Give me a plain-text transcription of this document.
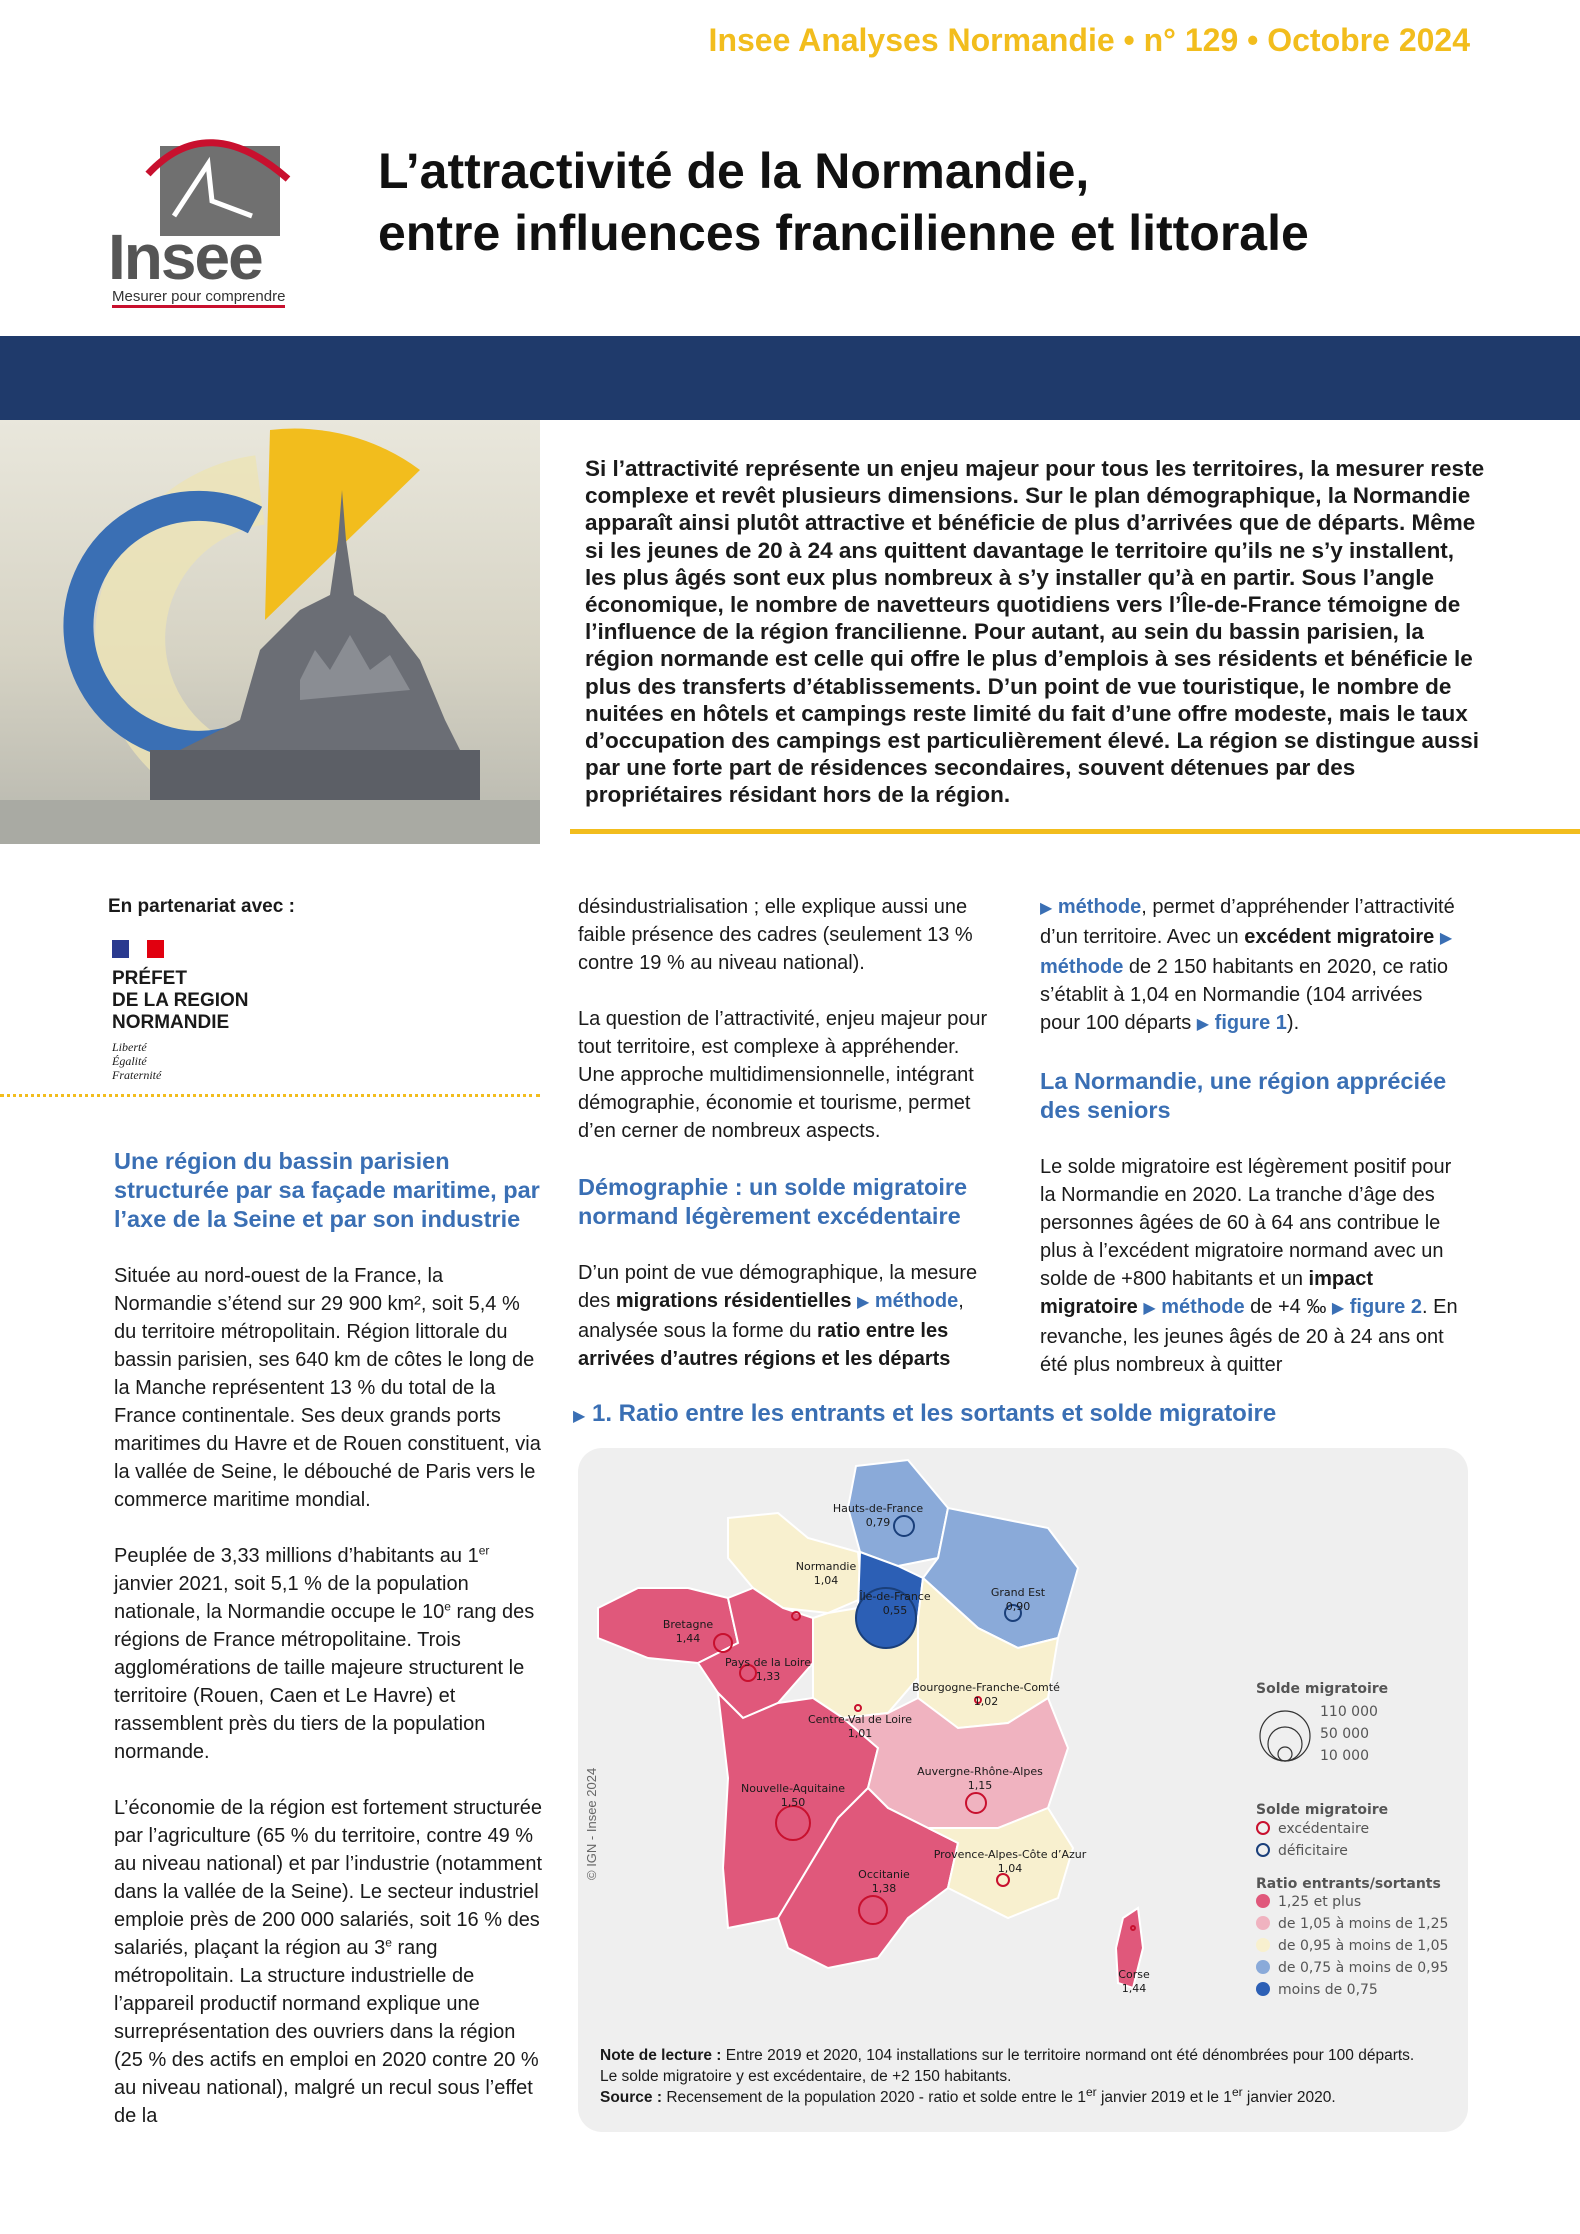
Insee
Mesurer pour comprendre
L’attractivité de la Normandie,
entre influences francilienne et littorale
Insee Analyses Normandie • n° 129 • Octobre 2024
Si l’attractivité représente un enjeu majeur pour tous les territoires, la mesurer reste complexe et revêt plusieurs dimensions. Sur le plan démographique, la Normandie apparaît ainsi plutôt attractive et bénéficie de plus d’arrivées que de départs. Même si les jeunes de 20 à 24 ans quittent davantage le territoire qu’ils ne s’y installent, les plus âgés sont eux plus nombreux à s’y installer qu’à en partir. Sous l’angle économique, le nombre de navetteurs quotidiens vers l’Île-de-France témoigne de l’influence de la région francilienne. Pour autant, au sein du bassin parisien, la région normande est celle qui offre le plus d’emplois à ses résidents et bénéficie le plus des transferts d’établissements. D’un point de vue touristique, le nombre de nuitées en hôtels et campings reste limité du fait d’une offre modeste, mais le taux d’occupation des campings est particulièrement élevé. La région se distingue aussi par une forte part de résidences secondaires, souvent détenues par des propriétaires résidant hors de la région.
En partenariat avec :
PRÉFET
DE LA REGION
NORMANDIE
Liberté
Égalité
Fraternité
Une région du bassin parisien structurée par sa façade maritime, par l’axe de la Seine et par son industrie

Située au nord-ouest de la France, la Normandie s’étend sur 29 900 km², soit 5,4 % du territoire métropolitain. Région littorale du bassin parisien, ses 640 km de côtes le long de la Manche représentent 13 % du total de la France continentale. Ses deux grands ports maritimes du Havre et de Rouen constituent, via la vallée de Seine, le débouché de Paris vers le commerce maritime mondial.

Peuplée de 3,33 millions d’habitants au 1er janvier 2021, soit 5,1 % de la population nationale, la Normandie occupe le 10e rang des régions de France métropolitaine. Trois agglomérations de taille majeure structurent le territoire (Rouen, Caen et Le Havre) et rassemblent près du tiers de la population normande.

L’économie de la région est fortement structurée par l’agriculture (65 % du territoire, contre 49 % au niveau national) et par l’industrie (notamment dans la vallée de la Seine). Le secteur industriel emploie près de 200 000 salariés, soit 16 % des salariés, plaçant la région au 3e rang métropolitain. La structure industrielle de l’appareil productif normand explique une surreprésentation des ouvriers dans la région (25 % des actifs en emploi en 2020 contre 20 % au niveau national), malgré un recul sous l’effet de la

désindustrialisation ; elle explique aussi une faible présence des cadres (seulement 13 % contre 19 % au niveau national).

La question de l’attractivité, enjeu majeur pour tout territoire, est complexe à appréhender. Une approche multidimensionnelle, intégrant démographie, économie et tourisme, permet d’en cerner de nombreux aspects.

Démographie : un solde migratoire normand légèrement excédentaire

D’un point de vue démographique, la mesure des migrations résidentielles ▶ méthode, analysée sous la forme du ratio entre les arrivées d’autres régions et les départs

▶ méthode, permet d’appréhender l’attractivité d’un territoire. Avec un excédent migratoire ▶ méthode de 2 150 habitants en 2020, ce ratio s’établit à 1,04 en Normandie (104 arrivées pour 100 départs ▶ figure 1).

La Normandie, une région appréciée des seniors

Le solde migratoire est légèrement positif pour la Normandie en 2020. La tranche d’âge des personnes âgées de 60 à 64 ans contribue le plus à l’excédent migratoire normand avec un solde de +800 habitants et un impact migratoire ▶ méthode de +4 ‰ ▶ figure 2. En revanche, les jeunes âgés de 20 à 24 ans ont été plus nombreux à quitter

▶ 1. Ratio entre les entrants et les sortants et solde migratoire
Hauts-de-France
0,79
Normandie
1,04
Île-de-France
0,55
Grand Est
0,90
Bretagne
1,44
Pays de la Loire
1,33
Centre-Val de Loire
1,01
Bourgogne-Franche-Comté
1,02
Nouvelle-Aquitaine
1,50
Auvergne-Rhône-Alpes
1,15
Occitanie
1,38
Provence-Alpes-Côte d’Azur
1,04
Corse
1,44
Solde migratoire
110 000
50 000
10 000
Solde migratoire
excédentaire
déficitaire
Ratio entrants/sortants
1,25 et plus
de 1,05 à moins de 1,25
de 0,95 à moins de 1,05
de 0,75 à moins de 0,95
moins de 0,75
© IGN - Insee 2024
Note de lecture : Entre 2019 et 2020, 104 installations sur le territoire normand ont été dénombrées pour 100 départs. Le solde migratoire y est excédentaire, de +2 150 habitants.
Source : Recensement de la population 2020 - ratio et solde entre le 1er janvier 2019 et le 1er janvier 2020.
